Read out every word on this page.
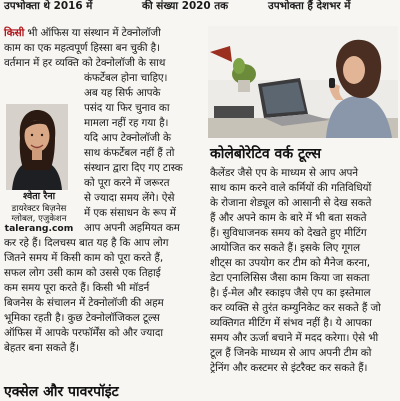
उपभोक्ता थे 2016 में	की संख्या 2020 तक	उपभोक्ता हैं देशभर में
किसी भी ऑफिस या संस्थान में टेक्नोलॉजी
काम का एक महत्वपूर्ण हिस्सा बन चुकी है।
वर्तमान में हर व्यक्ति को टेक्नोलॉजी के साथ
कंफर्टेबल होना चाहिए।
अब यह सिर्फ आपके
पसंद या फिर चुनाव का
मामला नहीं रह गया है।
यदि आप टेक्नोलॉजी के
साथ कंफर्टेबल नहीं हैं तो
संस्थान द्वारा दिए गए टास्क
को पूरा करने में जरूरत
से ज्यादा समय लेंगे। ऐसे
में एक संसाधन के रूप में
आप अपनी अहमियत कम
कर रहे हैं। दिलचस्प बात यह है कि आप लोग
जितने समय में किसी काम को पूरा करते हैं,
सफल लोग उसी काम को उससे एक तिहाई
कम समय पूरा करते हैं। किसी भी मॉडर्न
बिजनेस के संचालन में टेक्नोलॉजी की अहम
भूमिका रहती है। कुछ टेक्नोलॉजिकल टूल्स
ऑफिस में आपके परफॉर्मेंस को और ज्यादा
बेहतर बना सकते हैं।
श्वेता रैना
डायरेक्टर बिज़नेस
ग्लोबल, एजुकेशन
talerang.com
कोलेबोरेटिव वर्क टूल्स
कैलेंडर जैसे एप के माध्यम से आप अपने
साथ काम करने वाले कर्मियों की गतिविधियों
के रोजाना शेड्यूल को आसानी से देख सकते
हैं और अपने काम के बारे में भी बता सकते
हैं। सुविधाजनक समय को देखते हुए मीटिंग
आयोजित कर सकते हैं। इसके लिए गूगल
शीट्स का उपयोग कर टीम को मैनेज करना,
डेटा एनालिसिस जैसा काम किया जा सकता
है। ई-मेल और स्काइप जैसे एप का इस्तेमाल
कर व्यक्ति से तुरंत कम्युनिकेट कर सकते हैं जो
व्यक्तिगत मीटिंग में संभव नहीं है। ये आपका
समय और ऊर्जा बचाने में मदद करेगा। ऐसे भी
टूल हैं जिनके माध्यम से आप अपनी टीम को
ट्रेनिंग और कस्टमर से इंटरैक्ट कर सकते हैं।
एक्सेल और पावरपॉइंट
